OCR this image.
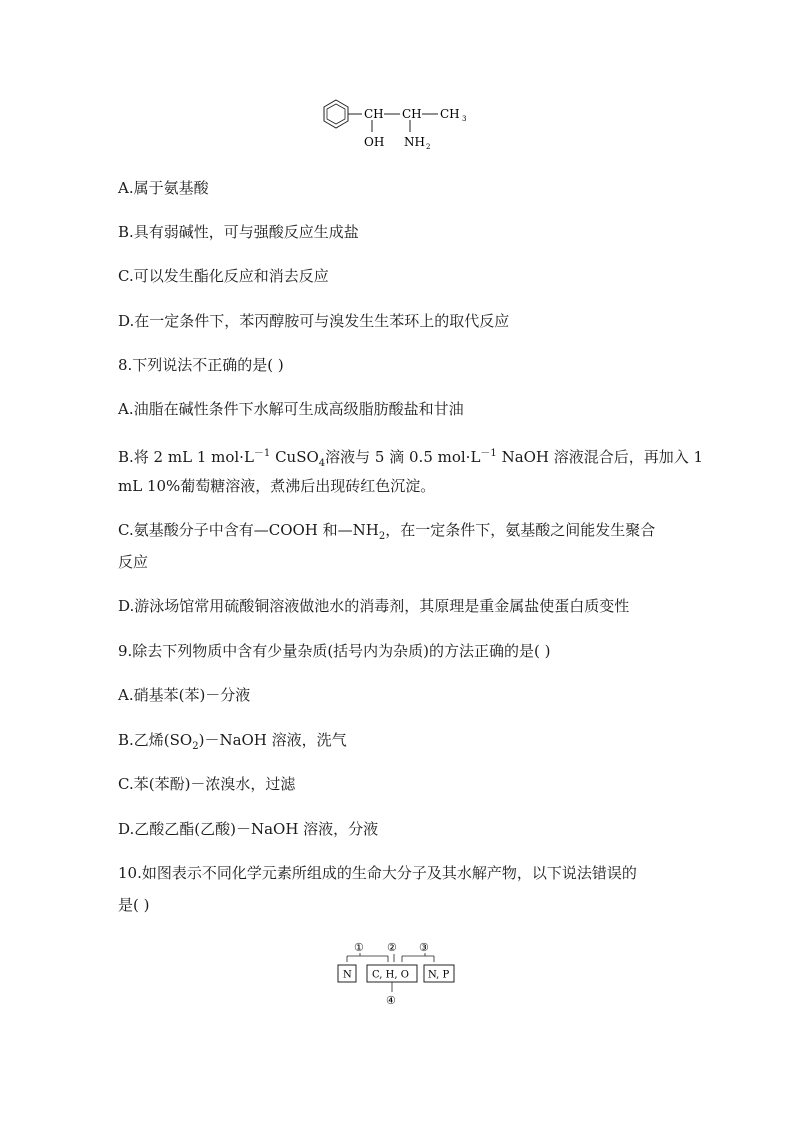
CH CH CH 3
OH NH 2
A.属于氨基酸
B.具有弱碱性，可与强酸反应生成盐
C.可以发生酯化反应和消去反应
D.在一定条件下，苯丙醇胺可与溴发生生苯环上的取代反应
8.下列说法不正确的是( )
A.油脂在碱性条件下水解可生成高级脂肪酸盐和甘油
B.将 2 mL 1 $mol\cdot L^{-1}$ CuSO$_4$溶液与 5 滴 0.5 $mol\cdot L^{-1}$ NaOH 溶液混合后，再加入 1
mL 10%葡萄糖溶液，煮沸后出现砖红色沉淀。
C.氨基酸分子中含有—COOH 和$—NH_2$，在一定条件下，氨基酸之间能发生聚合
反应
D.游泳场馆常用硫酸铜溶液做池水的消毒剂，其原理是重金属盐使蛋白质变性
9.除去下列物质中含有少量杂质(括号内为杂质)的方法正确的是( )
A.硝基苯(苯)－分液
B.乙烯$(SO_2)-NaOH$ 溶液，洗气
C.苯(苯酚)－浓溴水，过滤
D.乙酸乙酯(乙酸)－NaOH 溶液，分液
10.如图表示不同化学元素所组成的生命大分子及其水解产物，以下说法错误的
是( )
① ② ③
N C, H, O N, P
④
